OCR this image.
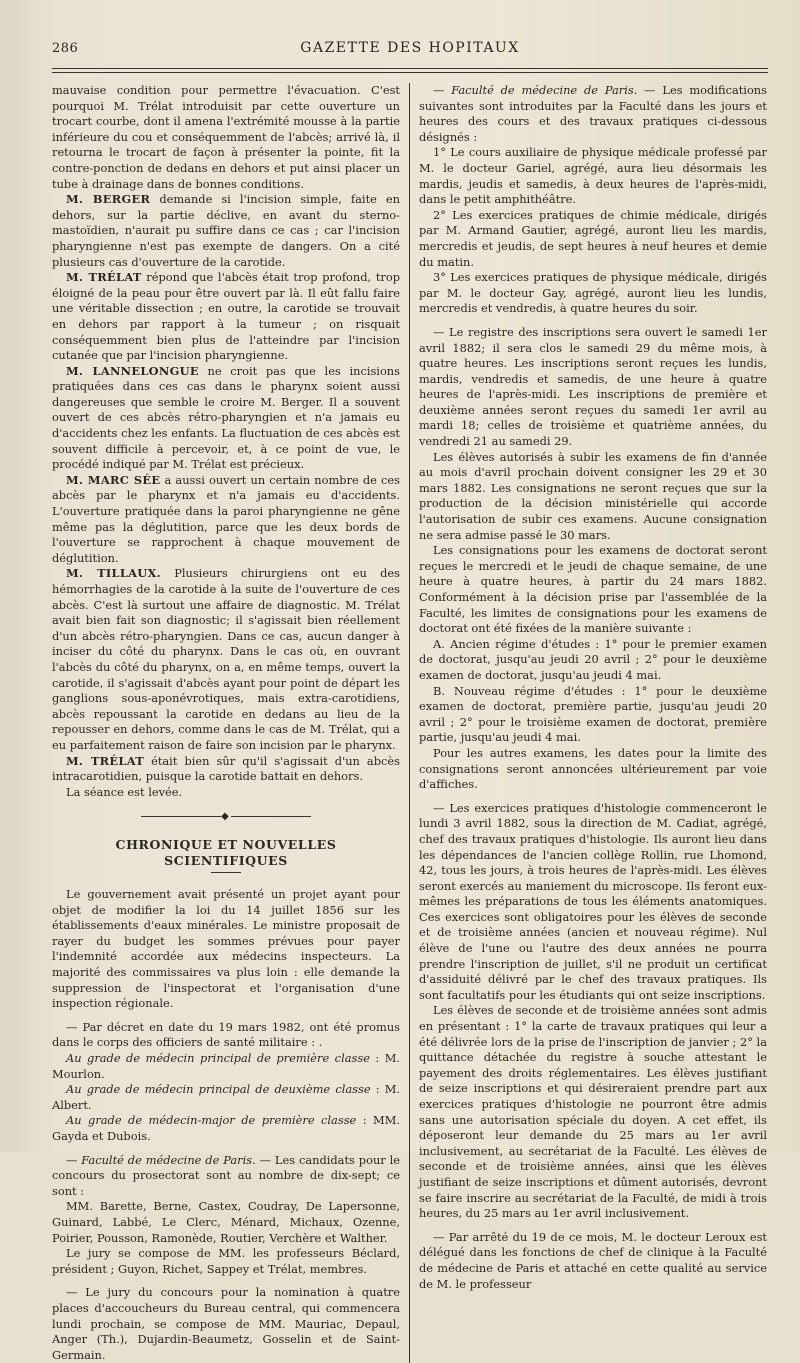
286	GAZETTE DES HOPITAUX

mauvaise condition pour permettre l'évacuation. C'est pourquoi M. Trélat introduisit par cette ouverture un trocart courbe, dont il amena l'extrémité mousse à la partie inférieure du cou et conséquemment de l'abcès; arrivé là, il retourna le trocart de façon à présenter la pointe, fit la contre-ponction de dedans en dehors et put ainsi placer un tube à drainage dans de bonnes conditions.

M. BERGER demande si l'incision simple, faite en dehors, sur la partie déclive, en avant du sterno-mastoïdien, n'aurait pu suffire dans ce cas ; car l'incision pharyngienne n'est pas exempte de dangers. On a cité plusieurs cas d'ouverture de la carotide.

M. TRÉLAT répond que l'abcès était trop profond, trop éloigné de la peau pour être ouvert par là. Il eût fallu faire une véritable dissection ; en outre, la carotide se trouvait en dehors par rapport à la tumeur ; on risquait conséquemment bien plus de l'atteindre par l'incision cutanée que par l'incision pharyngienne.

M. LANNELONGUE ne croit pas que les incisions pratiquées dans ces cas dans le pharynx soient aussi dangereuses que semble le croire M. Berger. Il a souvent ouvert de ces abcès rétro-pharyngien et n'a jamais eu d'accidents chez les enfants. La fluctuation de ces abcès est souvent difficile à percevoir, et, à ce point de vue, le procédé indiqué par M. Trélat est précieux.

M. MARC SÉE a aussi ouvert un certain nombre de ces abcès par le pharynx et n'a jamais eu d'accidents. L'ouverture pratiquée dans la paroi pharyngienne ne gêne même pas la déglutition, parce que les deux bords de l'ouverture se rapprochent à chaque mouvement de déglutition.

M. TILLAUX. Plusieurs chirurgiens ont eu des hémorrhagies de la carotide à la suite de l'ouverture de ces abcès. C'est là surtout une affaire de diagnostic. M. Trélat avait bien fait son diagnostic; il s'agissait bien réellement d'un abcès rétro-pharyngien. Dans ce cas, aucun danger à inciser du côté du pharynx. Dans le cas où, en ouvrant l'abcès du côté du pharynx, on a, en même temps, ouvert la carotide, il s'agissait d'abcès ayant pour point de départ les ganglions sous-aponévrotiques, mais extra-carotidiens, abcès repoussant la carotide en dedans au lieu de la repousser en dehors, comme dans le cas de M. Trélat, qui a eu parfaitement raison de faire son incision par le pharynx.

M. TRÉLAT était bien sûr qu'il s'agissait d'un abcès intracarotidien, puisque la carotide battait en dehors.

La séance est levée.

◆
CHRONIQUE ET NOUVELLES SCIENTIFIQUES

Le gouvernement avait présenté un projet ayant pour objet de modifier la loi du 14 juillet 1856 sur les établissements d'eaux minérales. Le ministre proposait de rayer du budget les sommes prévues pour payer l'indemnité accordée aux médecins inspecteurs. La majorité des commissaires va plus loin : elle demande la suppression de l'inspectorat et l'organisation d'une inspection régionale.

— Par décret en date du 19 mars 1982, ont été promus dans le corps des officiers de santé militaire : .

Au grade de médecin principal de première classe : M. Mourlon.

Au grade de médecin principal de deuxième classe : M. Albert.

Au grade de médecin-major de première classe : MM. Gayda et Dubois.

— Faculté de médecine de Paris. — Les candidats pour le concours du prosectorat sont au nombre de dix-sept; ce sont :

MM. Barette, Berne, Castex, Coudray, De Lapersonne, Guinard, Labbé, Le Clerc, Ménard, Michaux, Ozenne, Poirier, Pousson, Ramonède, Routier, Verchère et Walther.

Le jury se compose de MM. les professeurs Béclard, président ; Guyon, Richet, Sappey et Trélat, membres.

— Le jury du concours pour la nomination à quatre places d'accoucheurs du Bureau central, qui commencera lundi prochain, se compose de MM. Mauriac, Depaul, Anger (Th.), Dujardin-Beaumetz, Gosselin et de Saint-Germain.

— Faculté de médecine de Paris. — Les modifications suivantes sont introduites par la Faculté dans les jours et heures des cours et des travaux pratiques ci-dessous désignés :

1° Le cours auxiliaire de physique médicale professé par M. le docteur Gariel, agrégé, aura lieu désormais les mardis, jeudis et samedis, à deux heures de l'après-midi, dans le petit amphithéâtre.

2° Les exercices pratiques de chimie médicale, dirigés par M. Armand Gautier, agrégé, auront lieu les mardis, mercredis et jeudis, de sept heures à neuf heures et demie du matin.

3° Les exercices pratiques de physique médicale, dirigés par M. le docteur Gay, agrégé, auront lieu les lundis, mercredis et vendredis, à quatre heures du soir.

— Le registre des inscriptions sera ouvert le samedi 1er avril 1882; il sera clos le samedi 29 du même mois, à quatre heures. Les inscriptions seront reçues les lundis, mardis, vendredis et samedis, de une heure à quatre heures de l'après-midi. Les inscriptions de première et deuxième années seront reçues du samedi 1er avril au mardi 18; celles de troisième et quatrième années, du vendredi 21 au samedi 29.

Les élèves autorisés à subir les examens de fin d'année au mois d'avril prochain doivent consigner les 29 et 30 mars 1882. Les consignations ne seront reçues que sur la production de la décision ministérielle qui accorde l'autorisation de subir ces examens. Aucune consignation ne sera admise passé le 30 mars.

Les consignations pour les examens de doctorat seront reçues le mercredi et le jeudi de chaque semaine, de une heure à quatre heures, à partir du 24 mars 1882. Conformément à la décision prise par l'assemblée de la Faculté, les limites de consignations pour les examens de doctorat ont été fixées de la manière suivante :

A. Ancien régime d'études : 1° pour le premier examen de doctorat, jusqu'au jeudi 20 avril ; 2° pour le deuxième examen de doctorat, jusqu'au jeudi 4 mai.

B. Nouveau régime d'études : 1° pour le deuxième examen de doctorat, première partie, jusqu'au jeudi 20 avril ; 2° pour le troisième examen de doctorat, première partie, jusqu'au jeudi 4 mai.

Pour les autres examens, les dates pour la limite des consignations seront annoncées ultérieurement par voie d'affiches.

— Les exercices pratiques d'histologie commenceront le lundi 3 avril 1882, sous la direction de M. Cadiat, agrégé, chef des travaux pratiques d'histologie. Ils auront lieu dans les dépendances de l'ancien collège Rollin, rue Lhomond, 42, tous les jours, à trois heures de l'après-midi. Les élèves seront exercés au maniement du microscope. Ils feront eux-mêmes les préparations de tous les éléments anatomiques. Ces exercices sont obligatoires pour les élèves de seconde et de troisième années (ancien et nouveau régime). Nul élève de l'une ou l'autre des deux années ne pourra prendre l'inscription de juillet, s'il ne produit un certificat d'assiduité délivré par le chef des travaux pratiques. Ils sont facultatifs pour les étudiants qui ont seize inscriptions.

Les élèves de seconde et de troisième années sont admis en présentant : 1° la carte de travaux pratiques qui leur a été délivrée lors de la prise de l'inscription de janvier ; 2° la quittance détachée du registre à souche attestant le payement des droits réglementaires. Les élèves justifiant de seize inscriptions et qui désireraient prendre part aux exercices pratiques d'histologie ne pourront être admis sans une autorisation spéciale du doyen. A cet effet, ils déposeront leur demande du 25 mars au 1er avril inclusivement, au secrétariat de la Faculté. Les élèves de seconde et de troisième années, ainsi que les élèves justifiant de seize inscriptions et dûment autorisés, devront se faire inscrire au secrétariat de la Faculté, de midi à trois heures, du 25 mars au 1er avril inclusivement.

— Par arrêté du 19 de ce mois, M. le docteur Leroux est délégué dans les fonctions de chef de clinique à la Faculté de médecine de Paris et attaché en cette qualité au service de M. le professeur
